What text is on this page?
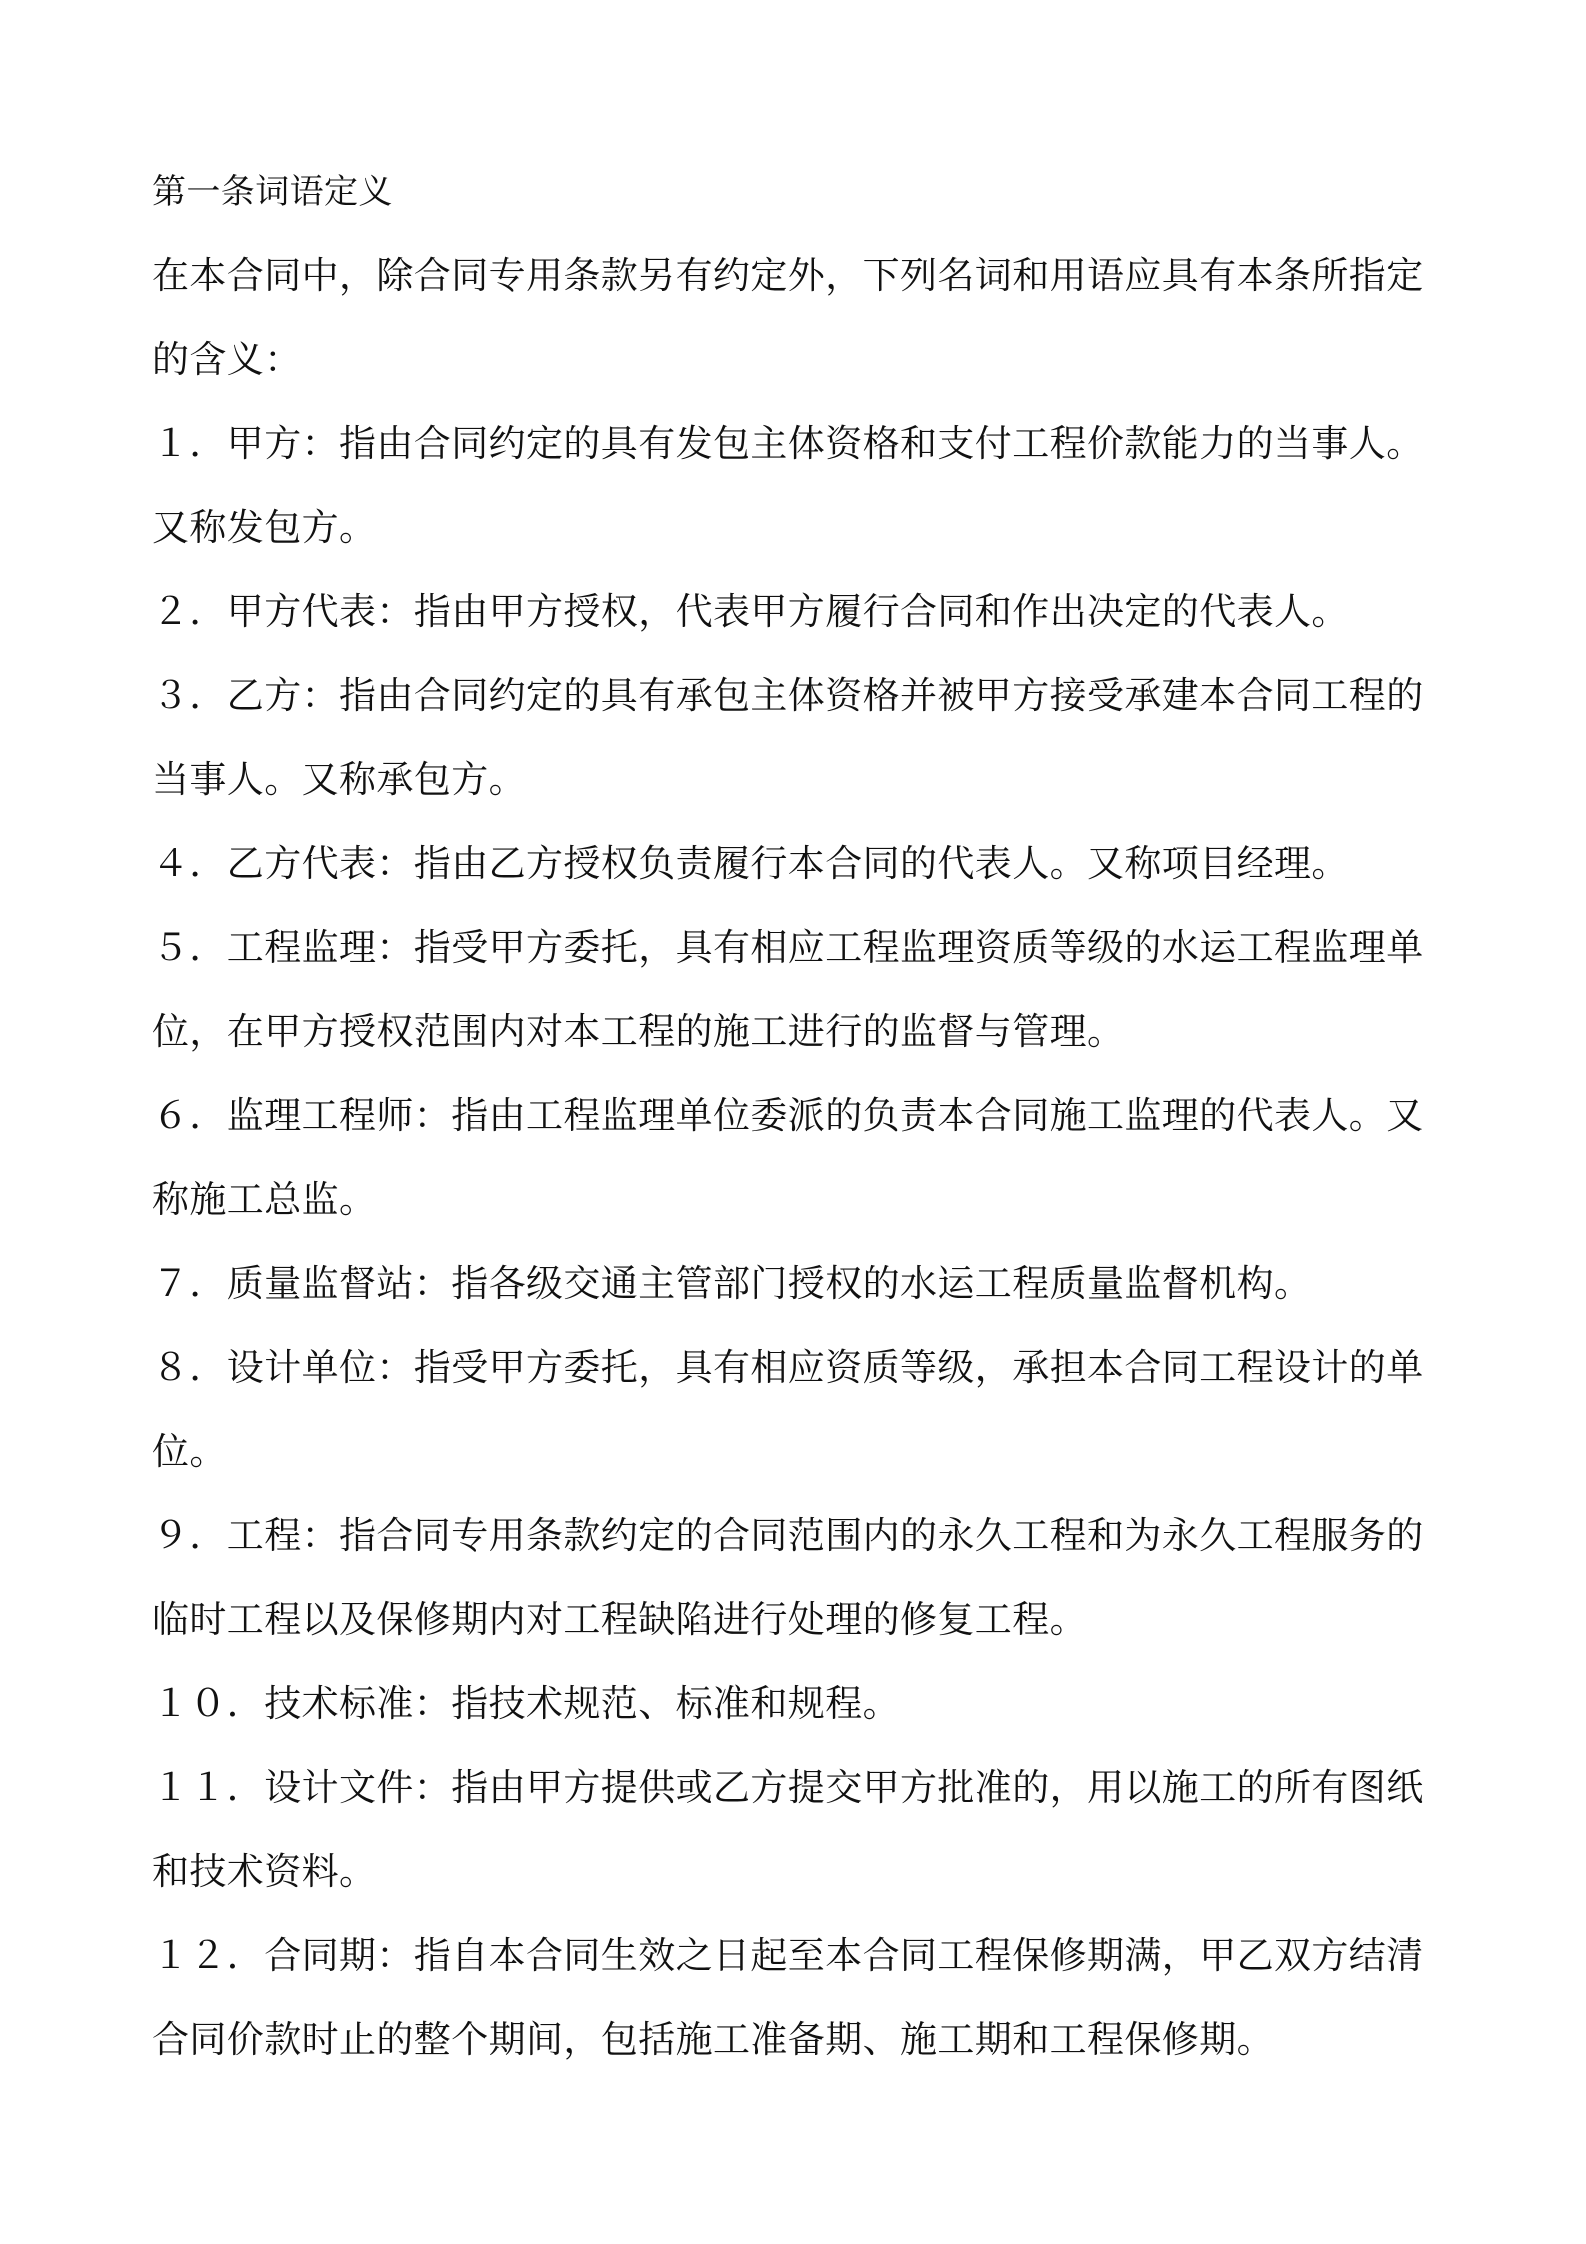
第一条词语定义
在本合同中，除合同专用条款另有约定外，下列名词和用语应具有本条所指定
的含义：
１．甲方：指由合同约定的具有发包主体资格和支付工程价款能力的当事人。
又称发包方。
２．甲方代表：指由甲方授权，代表甲方履行合同和作出决定的代表人。
３．乙方：指由合同约定的具有承包主体资格并被甲方接受承建本合同工程的
当事人。又称承包方。
４．乙方代表：指由乙方授权负责履行本合同的代表人。又称项目经理。
５．工程监理：指受甲方委托，具有相应工程监理资质等级的水运工程监理单
位，在甲方授权范围内对本工程的施工进行的监督与管理。
６．监理工程师：指由工程监理单位委派的负责本合同施工监理的代表人。又
称施工总监。
７．质量监督站：指各级交通主管部门授权的水运工程质量监督机构。
８．设计单位：指受甲方委托，具有相应资质等级，承担本合同工程设计的单
位。
９．工程：指合同专用条款约定的合同范围内的永久工程和为永久工程服务的
临时工程以及保修期内对工程缺陷进行处理的修复工程。
１０．技术标准：指技术规范、标准和规程。
１１．设计文件：指由甲方提供或乙方提交甲方批准的，用以施工的所有图纸
和技术资料。
１２．合同期：指自本合同生效之日起至本合同工程保修期满，甲乙双方结清
合同价款时止的整个期间，包括施工准备期、施工期和工程保修期。
